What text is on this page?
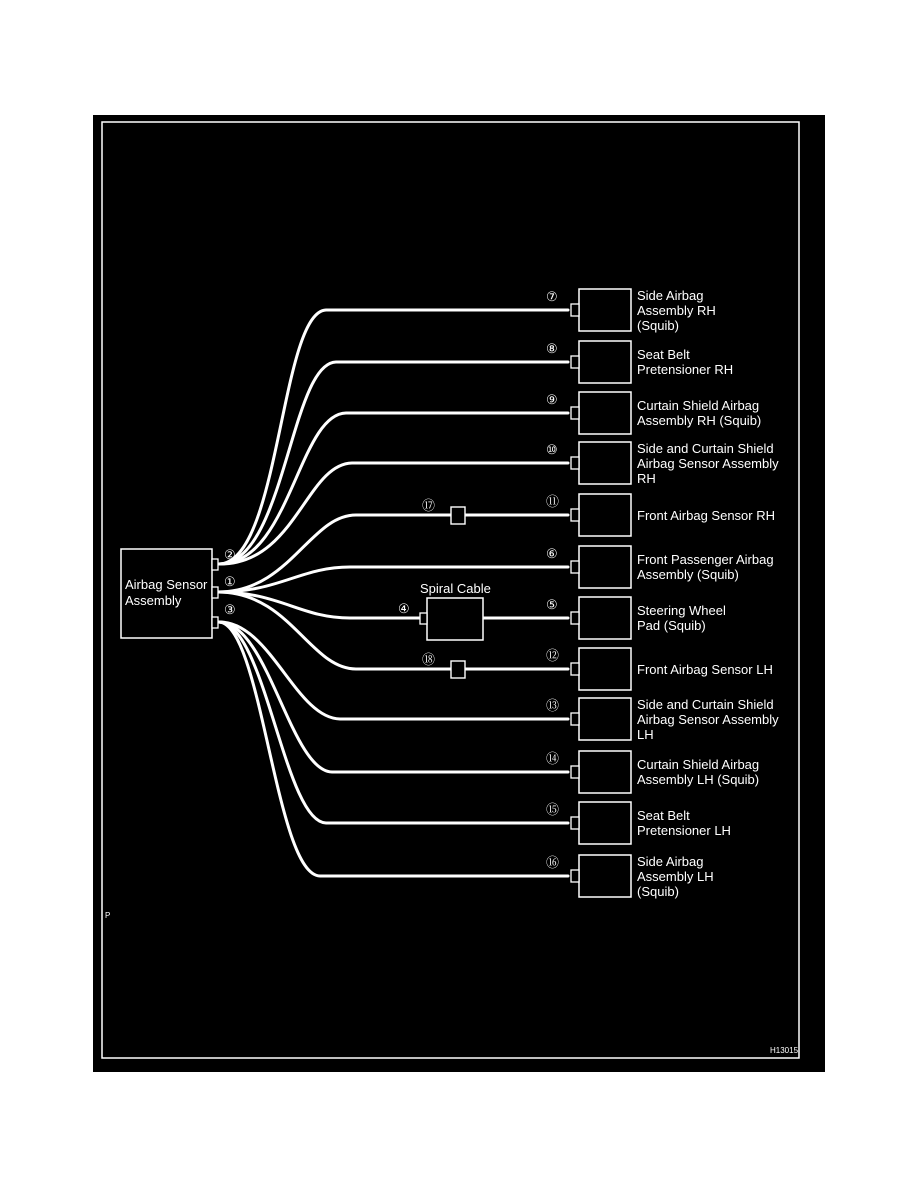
Airbag Sensor
Assembly
②
①
③
Spiral Cable
④
⑰
⑱
⑦	Side Airbag
Assembly RH
(Squib)
⑧	Seat Belt
Pretensioner RH
⑨	Curtain Shield Airbag
Assembly RH (Squib)
⑩	Side and Curtain Shield
Airbag Sensor Assembly
RH
⑪
Front Airbag Sensor RH
⑥	Front Passenger Airbag
Assembly (Squib)
⑤	Steering Wheel
Pad (Squib)
⑫
Front Airbag Sensor LH
⑬	Side and Curtain Shield
Airbag Sensor Assembly
LH
⑭	Curtain Shield Airbag
Assembly LH (Squib)
⑮	Seat Belt
Pretensioner LH
⑯	Side Airbag
Assembly LH
(Squib)
P
H13015
